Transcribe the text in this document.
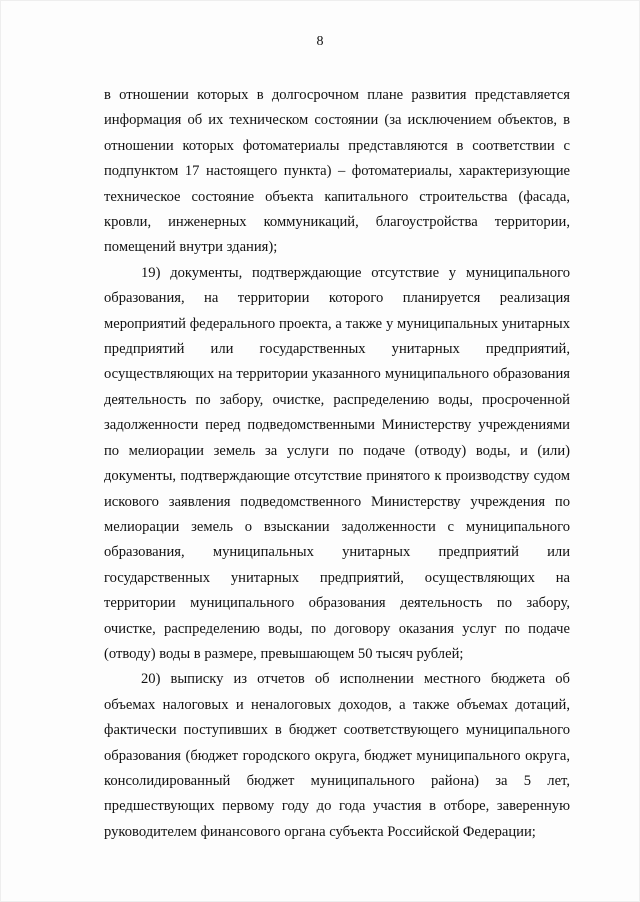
8

в отношении которых в долгосрочном плане развития представляется информация об их техническом состоянии (за исключением объектов, в отношении которых фотоматериалы представляются в соответствии с подпунктом 17 настоящего пункта) – фотоматериалы, характеризующие техническое состояние объекта капитального строительства (фасада, кровли, инженерных коммуникаций, благоустройства территории, помещений внутри здания);

19) документы, подтверждающие отсутствие у муниципального образования, на территории которого планируется реализация мероприятий федерального проекта, а также у муниципальных унитарных предприятий или государственных унитарных предприятий, осуществляющих на территории указанного муниципального образования деятельность по забору, очистке, распределению воды, просроченной задолженности перед подведомственными Министерству учреждениями по мелиорации земель за услуги по подаче (отводу) воды, и (или) документы, подтверждающие отсутствие принятого к производству судом искового заявления подведомственного Министерству учреждения по мелиорации земель о взыскании задолженности с муниципального образования, муниципальных унитарных предприятий или государственных унитарных предприятий, осуществляющих на территории муниципального образования деятельность по забору, очистке, распределению воды, по договору оказания услуг по подаче (отводу) воды в размере, превышающем 50 тысяч рублей;

20) выписку из отчетов об исполнении местного бюджета об объемах налоговых и неналоговых доходов, а также объемах дотаций, фактически поступивших в бюджет соответствующего муниципального образования (бюджет городского округа, бюджет муниципального округа, консолидированный бюджет муниципального района) за 5 лет, предшествующих первому году до года участия в отборе, заверенную руководителем финансового органа субъекта Российской Федерации;
